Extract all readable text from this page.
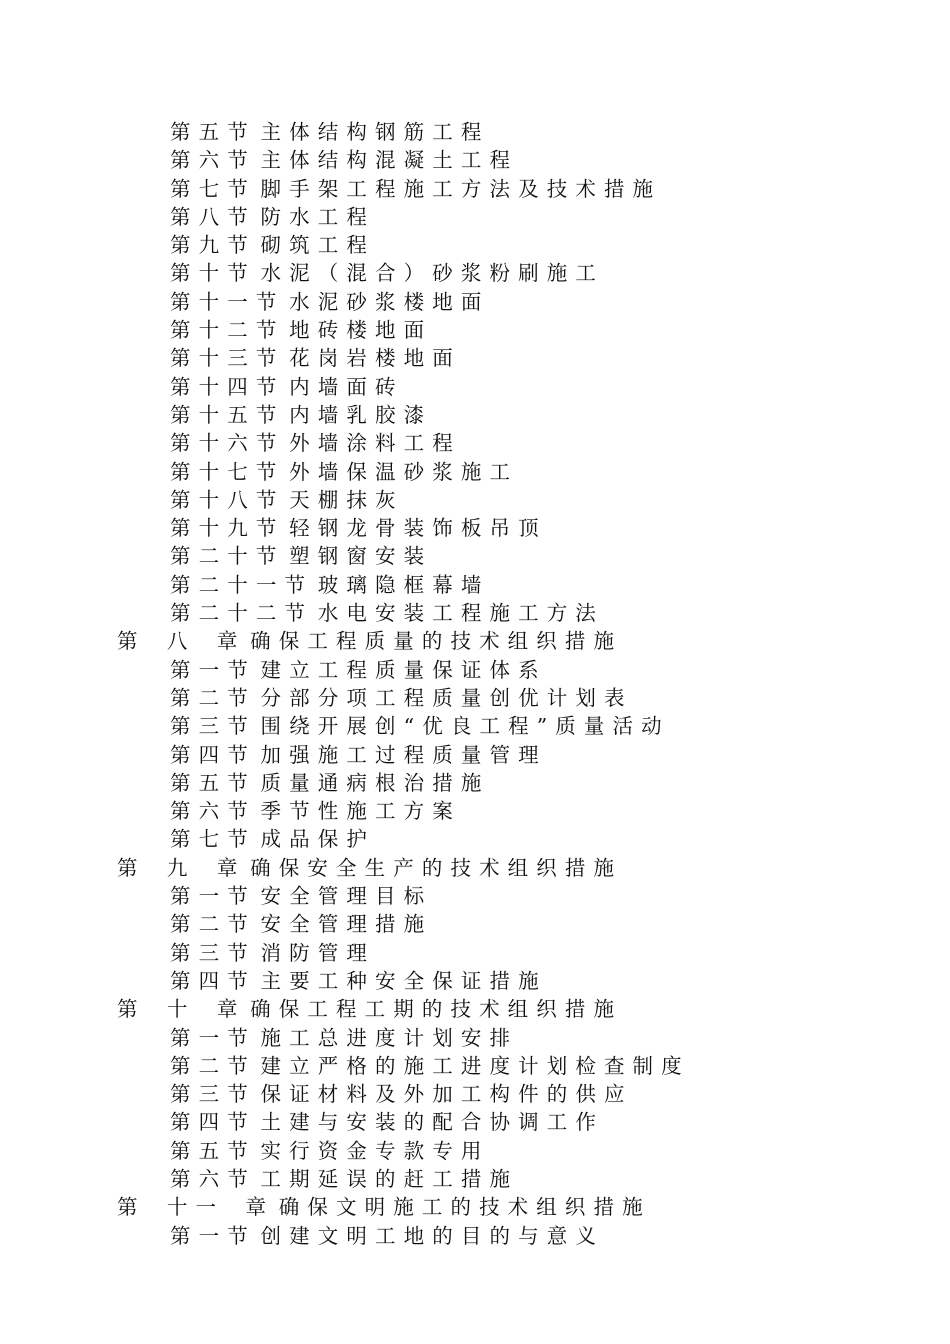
第 五 节 主 体 结 构 钢 筋 工 程
第 六 节 主 体 结 构 混 凝 土 工 程
第 七 节 脚 手 架 工 程 施 工 方 法 及 技 术 措 施
第 八 节 防 水 工 程
第 九 节 砌 筑 工 程
第 十 节 水 泥 （ 混 合 ） 砂 浆 粉 刷 施 工
第 十 一 节 水 泥 砂 浆 楼 地 面
第 十 二 节 地 砖 楼 地 面
第 十 三 节 花 岗 岩 楼 地 面
第 十 四 节 内 墙 面 砖
第 十 五 节 内 墙 乳 胶 漆
第 十 六 节 外 墙 涂 料 工 程
第 十 七 节 外 墙 保 温 砂 浆 施 工
第 十 八 节 天 棚 抹 灰
第 十 九 节 轻 钢 龙 骨 装 饰 板 吊 顶
第 二 十 节 塑 钢 窗 安 装
第 二 十 一 节 玻 璃 隐 框 幕 墙
第 二 十 二 节 水 电 安 装 工 程 施 工 方 法
第 　八 　章 确 保 工 程 质 量 的 技 术 组 织 措 施
第 一 节 建 立 工 程 质 量 保 证 体 系
第 二 节 分 部 分 项 工 程 质 量 创 优 计 划 表
第 三 节 围 绕 开 展 创 “ 优 良 工 程 ” 质 量 活 动
第 四 节 加 强 施 工 过 程 质 量 管 理
第 五 节 质 量 通 病 根 治 措 施
第 六 节 季 节 性 施 工 方 案
第 七 节 成 品 保 护
第 　九 　章 确 保 安 全 生 产 的 技 术 组 织 措 施
第 一 节 安 全 管 理 目 标
第 二 节 安 全 管 理 措 施
第 三 节 消 防 管 理
第 四 节 主 要 工 种 安 全 保 证 措 施
第 　十 　章 确 保 工 程 工 期 的 技 术 组 织 措 施
第 一 节 施 工 总 进 度 计 划 安 排
第 二 节 建 立 严 格 的 施 工 进 度 计 划 检 查 制 度
第 三 节 保 证 材 料 及 外 加 工 构 件 的 供 应
第 四 节 土 建 与 安 装 的 配 合 协 调 工 作
第 五 节 实 行 资 金 专 款 专 用
第 六 节 工 期 延 误 的 赶 工 措 施
第 　十 一 　章 确 保 文 明 施 工 的 技 术 组 织 措 施
第 一 节 创 建 文 明 工 地 的 目 的 与 意 义
